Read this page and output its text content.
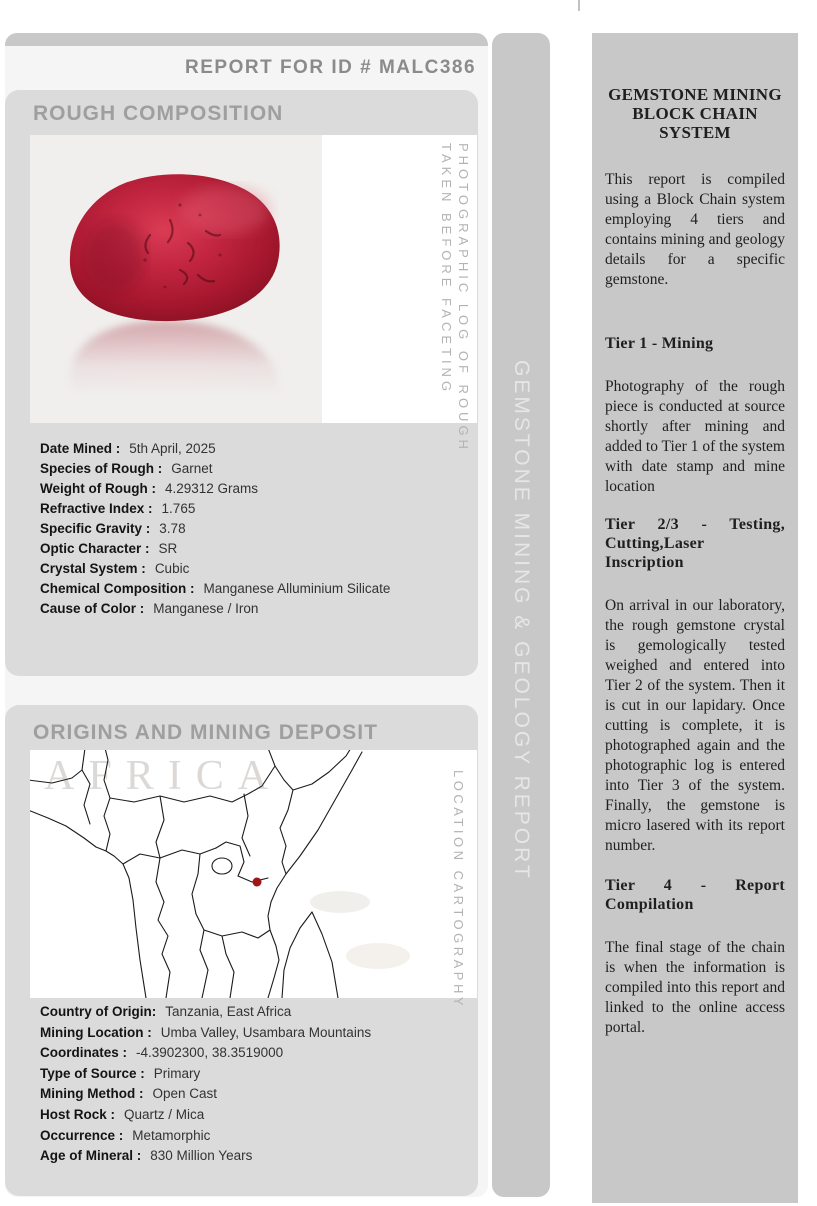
REPORT FOR ID # MALC386
ROUGH COMPOSITION
PHOTOGRAPHIC LOG OF ROUGH
TAKEN BEFORE FACETING
Date Mined : 5th April, 2025
Species of Rough : Garnet
Weight of Rough : 4.29312 Grams
Refractive Index : 1.765
Specific Gravity : 3.78
Optic Character : SR
Crystal System : Cubic
Chemical Composition : Manganese Alluminium Silicate
Cause of Color : Manganese / Iron
ORIGINS AND MINING DEPOSIT
AFRICA	LOCATION CARTOGRAPHY
Country of Origin: Tanzania, East Africa
Mining Location : Umba Valley, Usambara Mountains
Coordinates : -4.3902300, 38.3519000
Type of Source : Primary
Mining Method : Open Cast
Host Rock : Quartz / Mica
Occurrence : Metamorphic
Age of Mineral : 830 Million Years
GEMSTONE MINING & GEOLOGY REPORT
GEMSTONE MINING BLOCK CHAIN SYSTEM

This report is compiled using a Block Chain system employing 4 tiers and contains mining and geology details for a specific gemstone.

Tier 1 - Mining

Photography of the rough piece is conducted at source shortly after mining and added to Tier 1 of the system with date stamp and mine location

Tier 2/3 - Testing, Cutting,Laser Inscription

On arrival in our laboratory, the rough gemstone crystal is gemologically tested weighed and entered into Tier 2 of the system. Then it is cut in our lapidary. Once cutting is complete, it is photographed again and the photographic log is entered into Tier 3 of the system. Finally, the gemstone is micro lasered with its report number.

Tier 4 - Report Compilation

The final stage of the chain is when the information is compiled into this report and linked to the online access portal.
